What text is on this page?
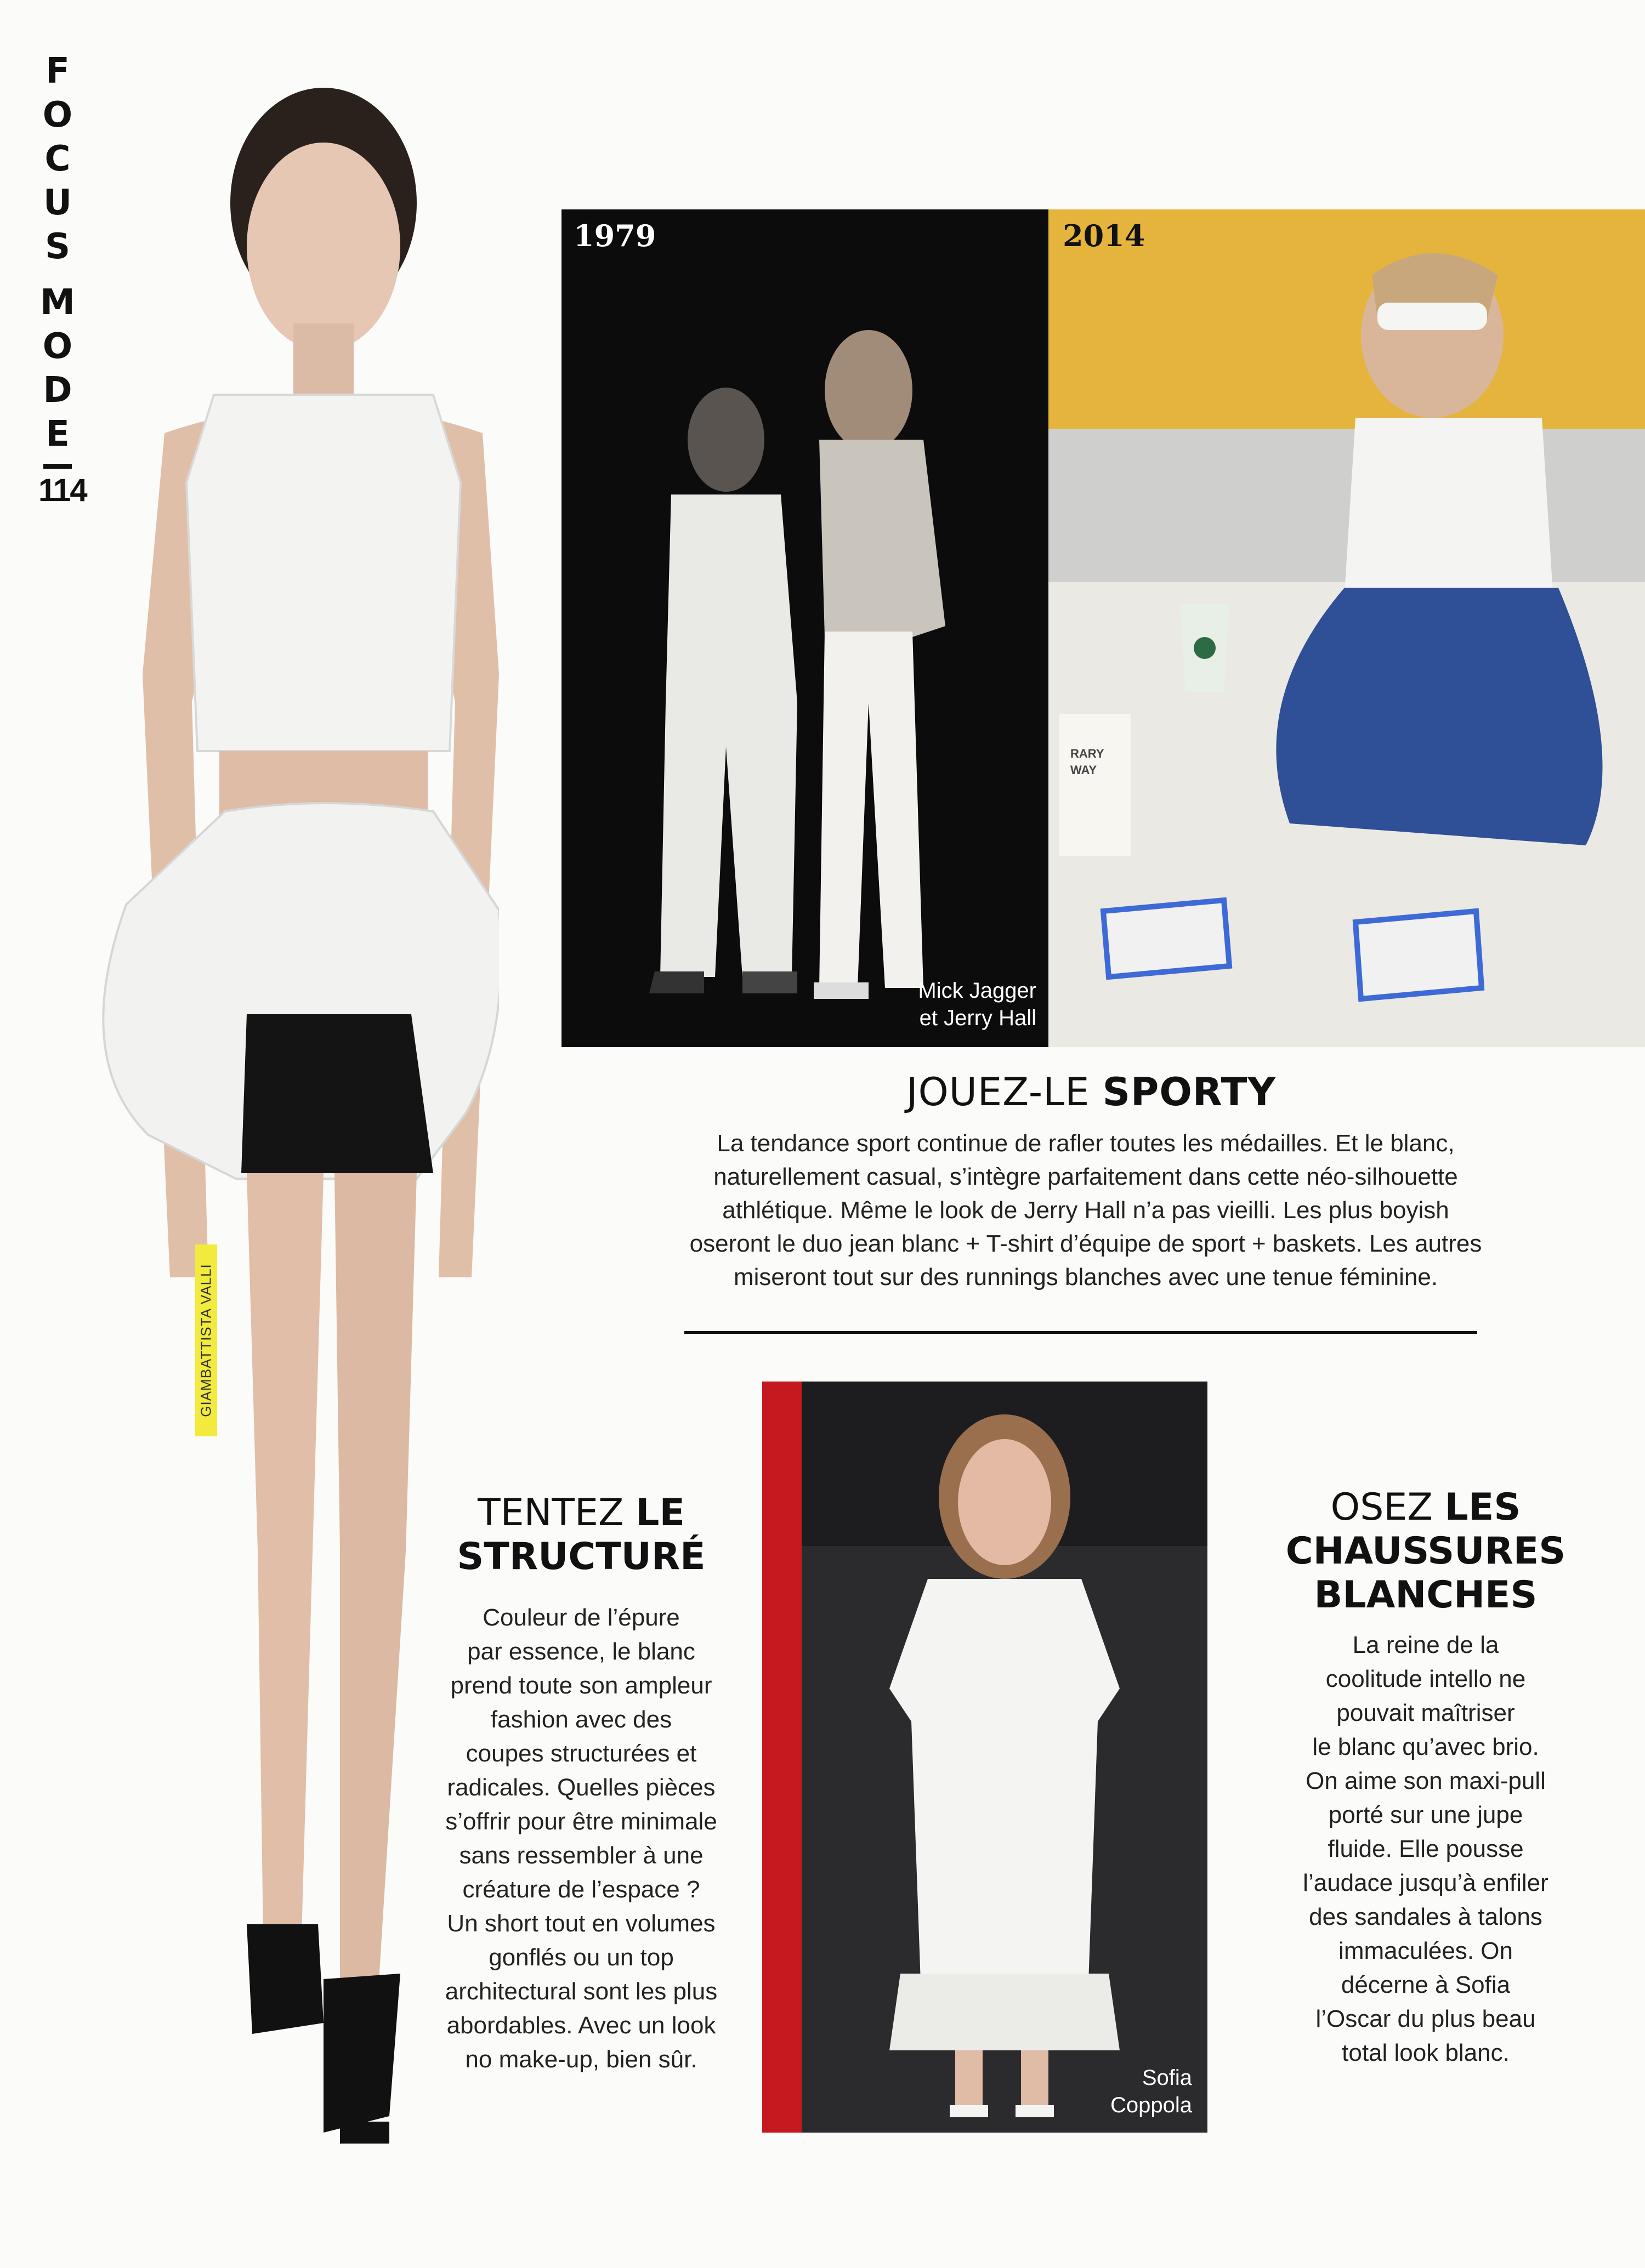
F
O
C
U
S
M
O
D
E
114
GIAMBATTISTA VALLI
1979
Mick Jagger
et Jerry Hall
RARY
WAY
2014
JOUEZ-LE SPORTY
La tendance sport continue de rafler toutes les médailles. Et le blanc,
naturellement casual, s’intègre parfaitement dans cette néo-silhouette
athlétique. Même le look de Jerry Hall n’a pas vieilli. Les plus boyish
oseront le duo jean blanc + T-shirt d’équipe de sport + baskets. Les autres
miseront tout sur des runnings blanches avec une tenue féminine.
TENTEZ LE
STRUCTURÉ
Couleur de l’épure
par essence, le blanc
prend toute son ampleur
fashion avec des
coupes structurées et
radicales. Quelles pièces
s’offrir pour être minimale
sans ressembler à une
créature de l’espace ?
Un short tout en volumes
gonflés ou un top
architectural sont les plus
abordables. Avec un look
no make-up, bien sûr.
Sofia
Coppola
OSEZ LES
CHAUSSURES
BLANCHES
La reine de la
coolitude intello ne
pouvait maîtriser
le blanc qu’avec brio.
On aime son maxi-pull
porté sur une jupe
fluide. Elle pousse
l’audace jusqu’à enfiler
des sandales à talons
immaculées. On
décerne à Sofia
l’Oscar du plus beau
total look blanc.
